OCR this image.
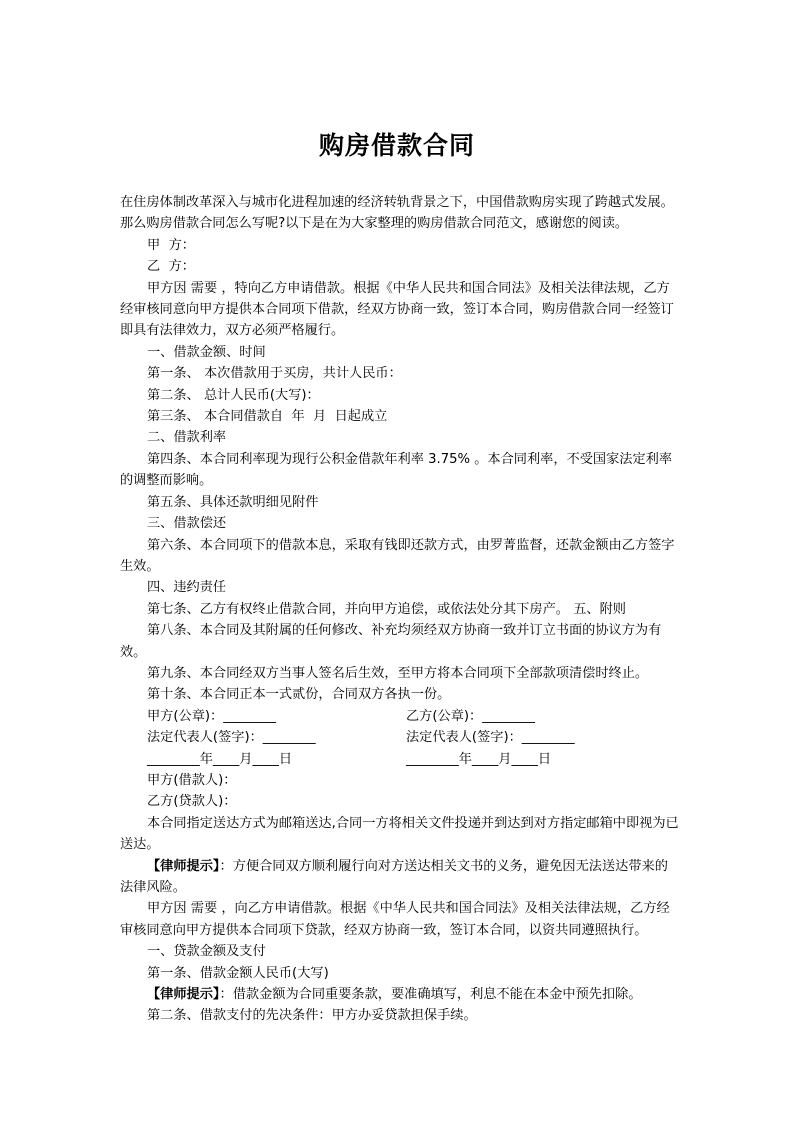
购房借款合同

在住房体制改革深入与城市化进程加速的经济转轨背景之下，中国借款购房实现了跨越式发展。那么购房借款合同怎么写呢?以下是在为大家整理的购房借款合同范文，感谢您的阅读。

甲  方：

乙  方：

甲方因 需要 ，特向乙方申请借款。根据《中华人民共和国合同法》及相关法律法规，乙方经审核同意向甲方提供本合同项下借款，经双方协商一致，签订本合同，购房借款合同一经签订即具有法律效力，双方必须严格履行。

一、借款金额、时间

第一条、 本次借款用于买房，共计人民币：

第二条、 总计人民币(大写)：

第三条、 本合同借款自  年  月  日起成立

二、借款利率

第四条、本合同利率现为现行公积金借款年利率 3.75% 。本合同利率，不受国家法定利率的调整而影响。

第五条、具体还款明细见附件

三、借款偿还

第六条、本合同项下的借款本息，采取有钱即还款方式，由罗菁监督，还款金额由乙方签字生效。

四、违约责任

第七条、乙方有权终止借款合同，并向甲方追偿，或依法处分其下房产。 五、附则

第八条、本合同及其附属的任何修改、补充均须经双方协商一致并订立书面的协议方为有效。

第九条、本合同经双方当事人签名后生效，至甲方将本合同项下全部款项清偿时终止。

第十条、本合同正本一式贰份，合同双方各执一份。

甲方(公章)：________	乙方(公章)：________
法定代表人(签字)：________	法定代表人(签字)：________
________年____月____日	________年____月____日

甲方(借款人)：

乙方(贷款人)：

本合同指定送达方式为邮箱送达,合同一方将相关文件投递并到达到对方指定邮箱中即视为已送达。

【律师提示】：方便合同双方顺利履行向对方送达相关文书的义务，避免因无法送达带来的法律风险。

甲方因 需要 ，向乙方申请借款。根据《中华人民共和国合同法》及相关法律法规，乙方经审核同意向甲方提供本合同项下贷款，经双方协商一致，签订本合同，以资共同遵照执行。

一、贷款金额及支付

第一条、借款金额人民币(大写)

【律师提示】：借款金额为合同重要条款，要准确填写，利息不能在本金中预先扣除。

第二条、借款支付的先决条件：甲方办妥贷款担保手续。
